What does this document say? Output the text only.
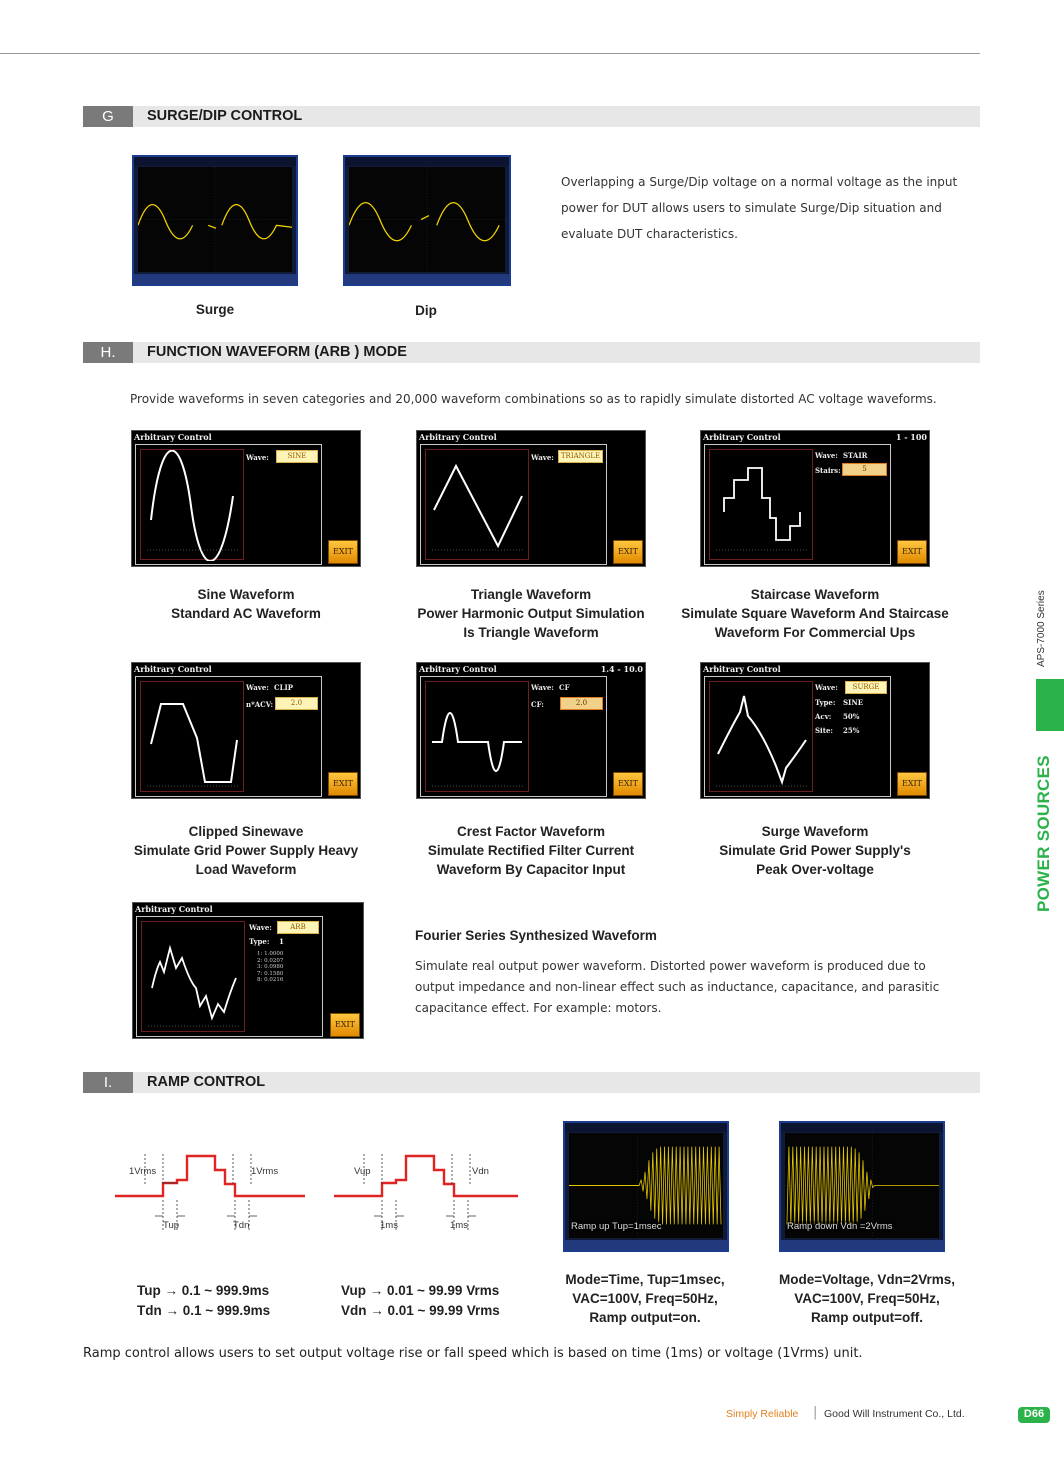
G	SURGE/DIP CONTROL
Overlapping a Surge/Dip voltage on a normal voltage as the input
power for DUT allows users to simulate Surge/Dip situation and
evaluate DUT characteristics.
Surge	Dip
H.	FUNCTION WAVEFORM (ARB ) MODE
Provide waveforms in seven categories and 20,000 waveform combinations so as to rapidly simulate distorted AC voltage waveforms.
Arbitrary Control
Wave:	SINE
EXIT
Arbitrary Control
Wave: TRIANGLE
EXIT
Arbitrary Control	1 - 100
Wave: STAIR
Stairs:	5
EXIT
Sine Waveform
Standard AC Waveform
Triangle Waveform
Power Harmonic Output Simulation
Is Triangle Waveform
Staircase Waveform
Simulate Square Waveform And Staircase
Waveform For Commercial Ups
Arbitrary Control
Wave: CLIP
n*ACV:	2.0
EXIT
Arbitrary Control	1.4 - 10.0
Wave: CF
CF:	2.0
EXIT
Arbitrary Control
Wave:	SURGE
Type: SINE
Acv: 50%
Site: 25%
EXIT
Clipped Sinewave
Simulate Grid Power Supply Heavy
Load Waveform
Crest Factor Waveform
Simulate Rectified Filter Current
Waveform By Capacitor Input
Surge Waveform
Simulate Grid Power Supply's
Peak Over-voltage
Arbitrary Control
Wave:	ARB
Type: 1
1: 1.0000
2: 0.0207
3: 0.0980
7: 0.1580
8: 0.0216
EXIT
Fourier Series Synthesized Waveform
Simulate real output power waveform. Distorted power waveform is produced due to
output impedance and non-linear effect such as inductance, capacitance, and parasitic
capacitance effect. For example: motors.
I.	RAMP CONTROL
1Vrms	1Vrms
Tup	Tdn
Vup	Vdn
1ms	1ms	Ramp up Tup=1msec	Ramp down Vdn =2Vrms
Tup → 0.1 ~ 999.9ms
Tdn → 0.1 ~ 999.9ms
Vup → 0.01 ~ 99.99 Vrms
Vdn → 0.01 ~ 99.99 Vrms
Mode=Time, Tup=1msec,
VAC=100V, Freq=50Hz,
Ramp output=on.
Mode=Voltage, Vdn=2Vrms,
VAC=100V, Freq=50Hz,
Ramp output=off.
Ramp control allows users to set output voltage rise or fall speed which is based on time (1ms) or voltage (1Vrms) unit.
APS-7000 Series
POWER SOURCES
Simply Reliable | Good Will Instrument Co., Ltd.	D66
